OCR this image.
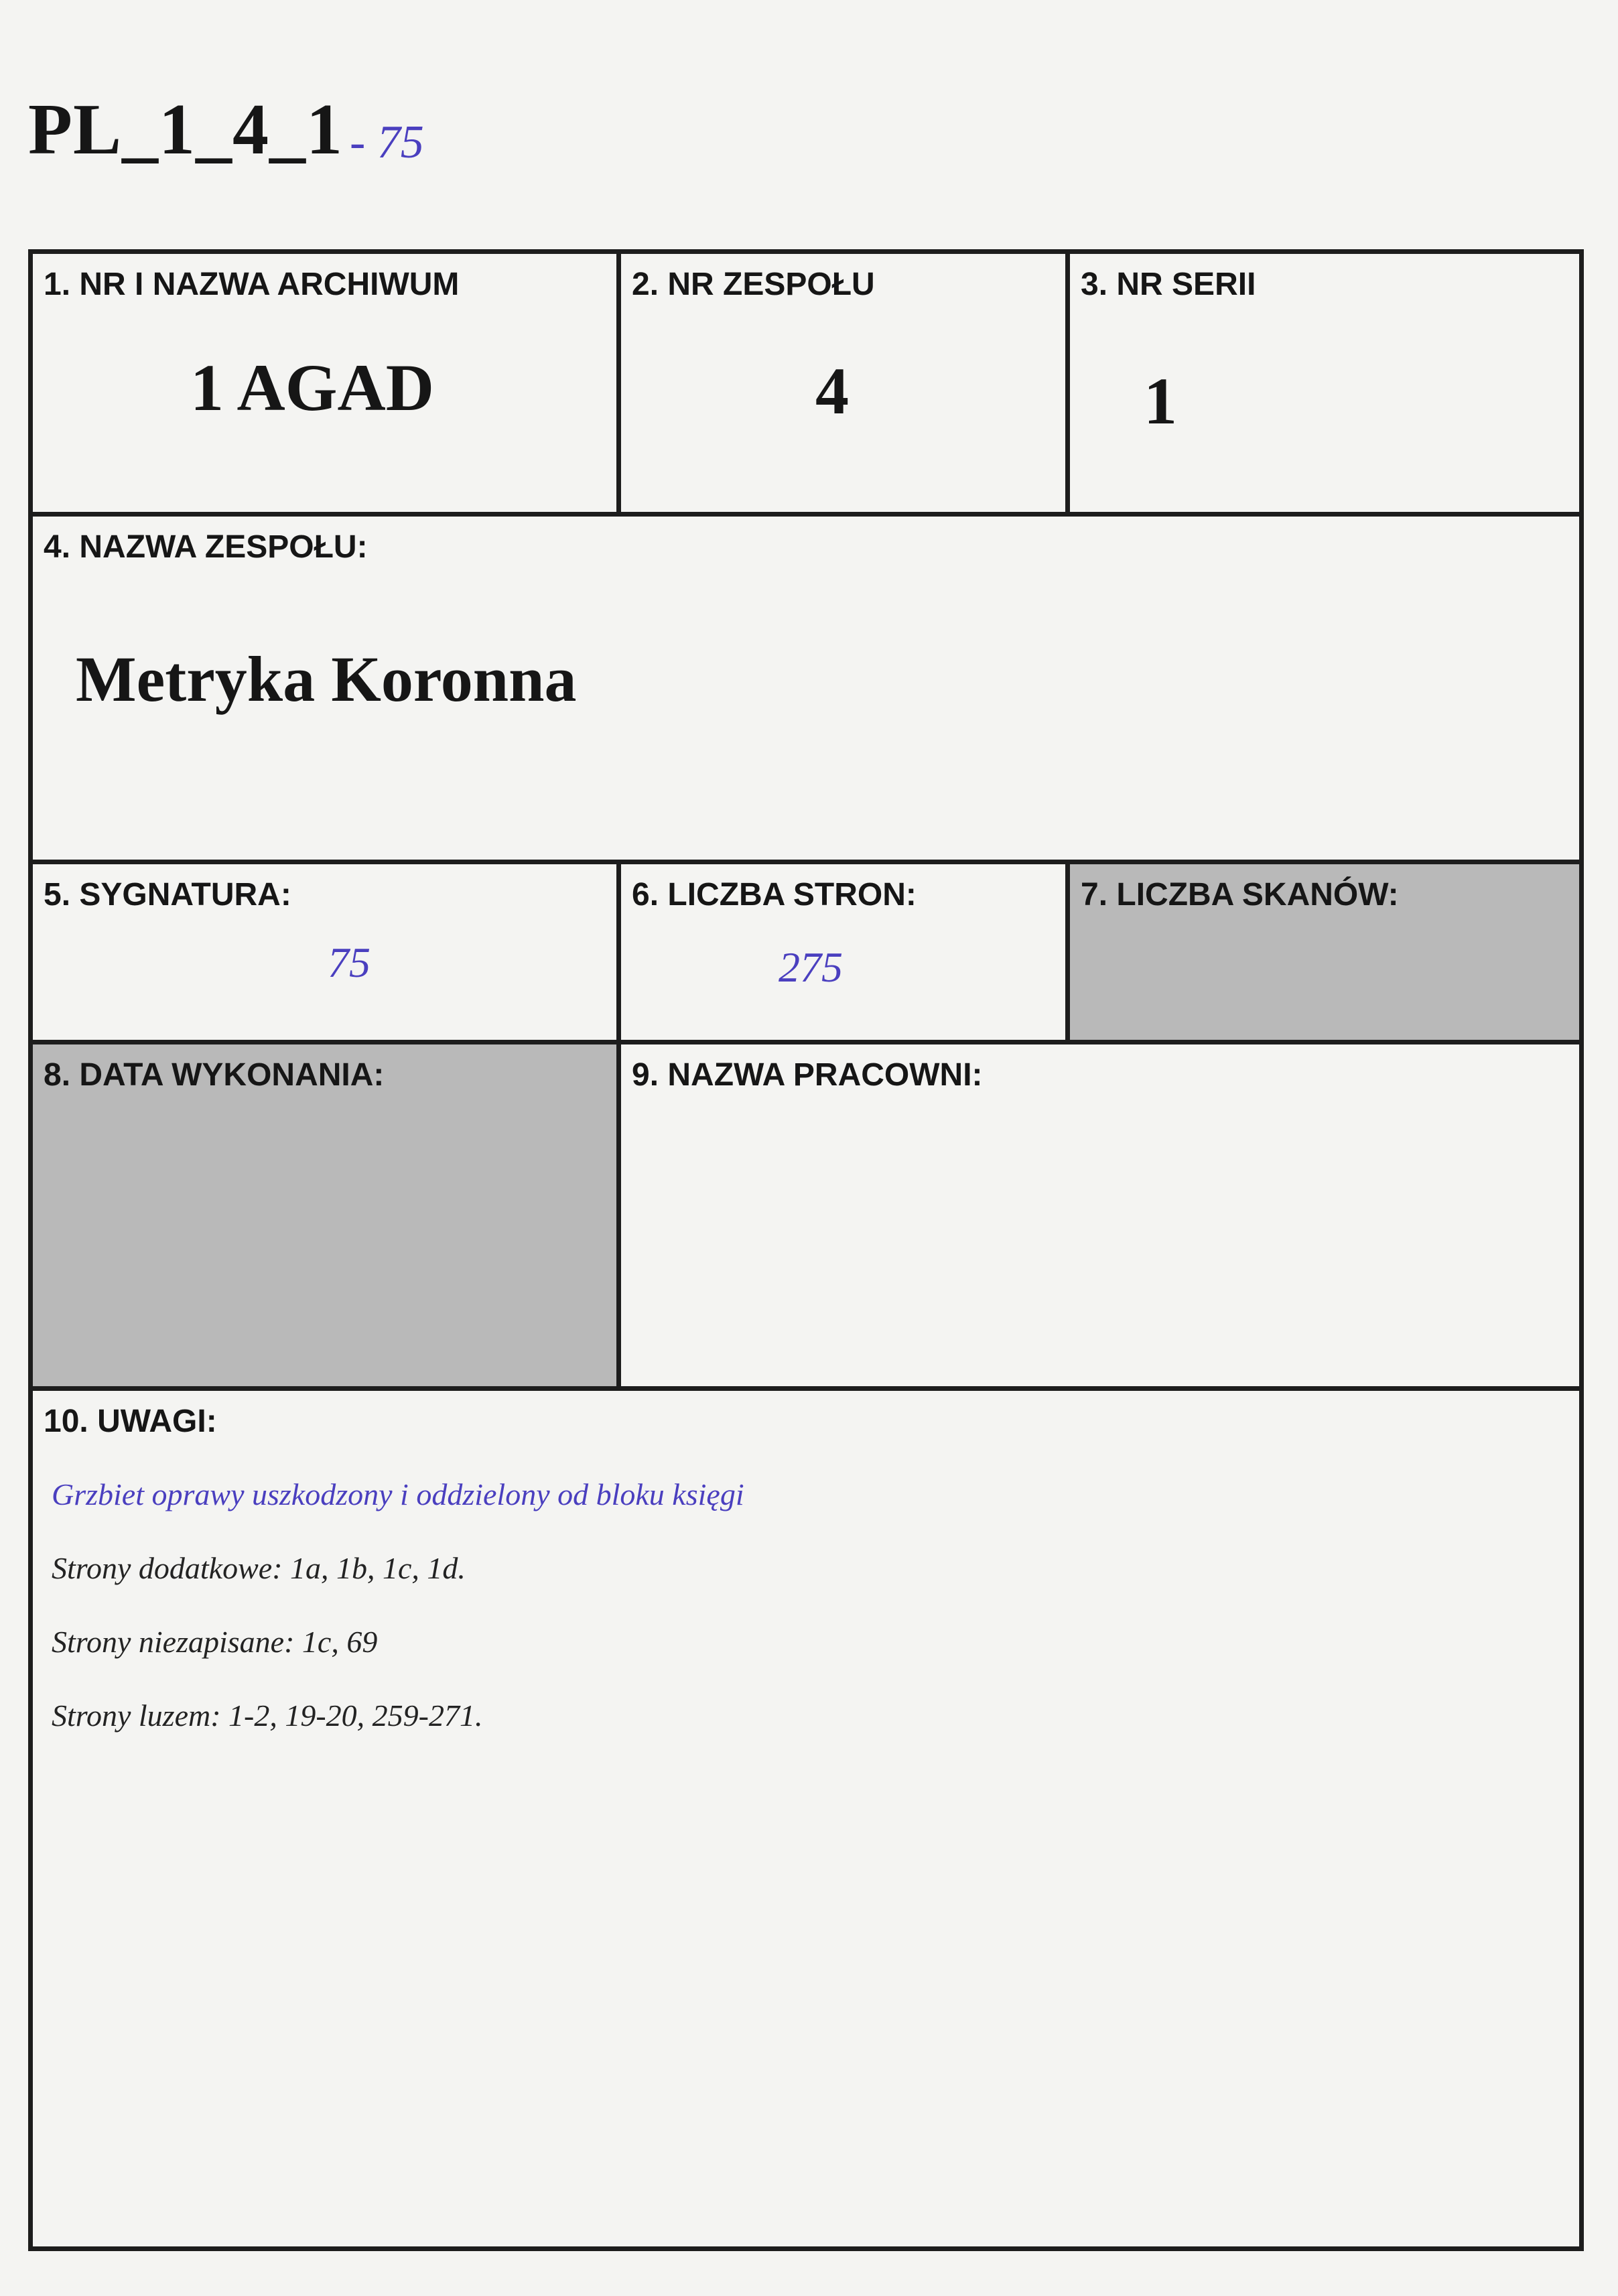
PL_1_4_1 - 75
1. NR I NAZWA ARCHIWUM
1 AGAD
2. NR ZESPOŁU
4
3. NR SERII
1
4. NAZWA ZESPOŁU:
Metryka Koronna
5. SYGNATURA:
75
6. LICZBA STRON:
275
7. LICZBA SKANÓW:
8. DATA WYKONANIA:	9. NAZWA PRACOWNI:
10. UWAGI:
Grzbiet oprawy uszkodzony i oddzielony od bloku księgi
Strony dodatkowe: 1a, 1b, 1c, 1d.
Strony niezapisane: 1c, 69
Strony luzem: 1-2, 19-20, 259-271.
